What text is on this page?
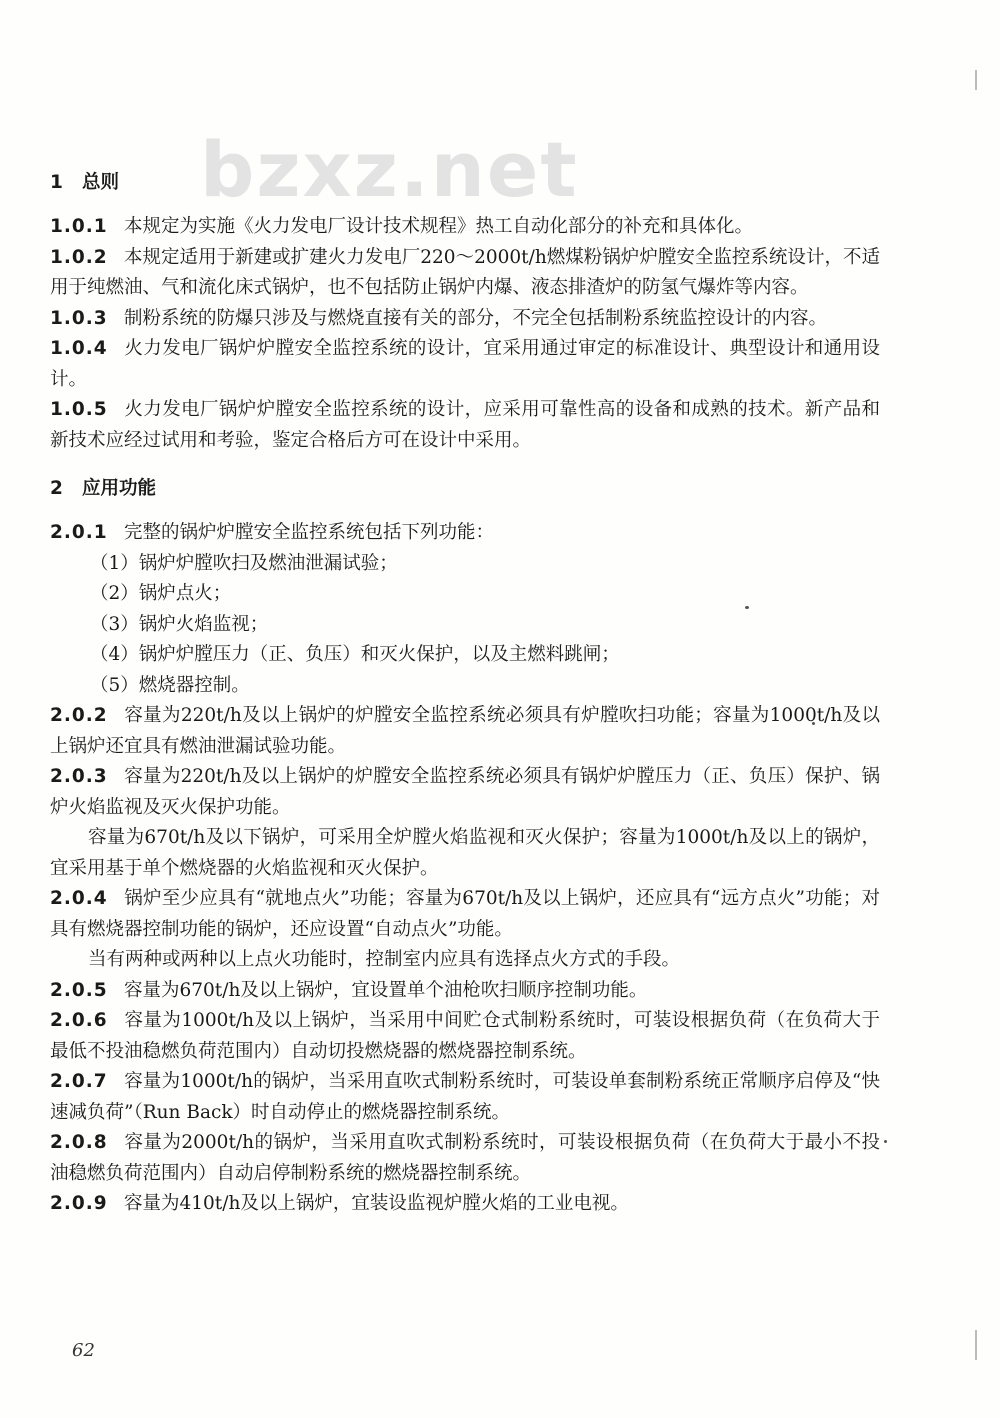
bzxz.net
1 总则

1.0.1 本规定为实施《火力发电厂设计技术规程》热工自动化部分的补充和具体化。

1.0.2 本规定适用于新建或扩建火力发电厂220～2000t/h燃煤粉锅炉炉膛安全监控系统设计，不适用于纯燃油、气和流化床式锅炉，也不包括防止锅炉内爆、液态排渣炉的防氢气爆炸等内容。

1.0.3 制粉系统的防爆只涉及与燃烧直接有关的部分，不完全包括制粉系统监控设计的内容。

1.0.4 火力发电厂锅炉炉膛安全监控系统的设计，宜采用通过审定的标准设计、典型设计和通用设计。

1.0.5 火力发电厂锅炉炉膛安全监控系统的设计，应采用可靠性高的设备和成熟的技术。新产品和新技术应经过试用和考验，鉴定合格后方可在设计中采用。

2 应用功能

2.0.1 完整的锅炉炉膛安全监控系统包括下列功能：

（1）锅炉炉膛吹扫及燃油泄漏试验；

（2）锅炉点火；

（3）锅炉火焰监视；

（4）锅炉炉膛压力（正、负压）和灭火保护，以及主燃料跳闸；

（5）燃烧器控制。

2.0.2 容量为220t/h及以上锅炉的炉膛安全监控系统必须具有炉膛吹扫功能；容量为1000t/h及以上锅炉还宜具有燃油泄漏试验功能。

2.0.3 容量为220t/h及以上锅炉的炉膛安全监控系统必须具有锅炉炉膛压力（正、负压）保护、锅炉火焰监视及灭火保护功能。

容量为670t/h及以下锅炉，可采用全炉膛火焰监视和灭火保护；容量为1000t/h及以上的锅炉，宜采用基于单个燃烧器的火焰监视和灭火保护。

2.0.4 锅炉至少应具有“就地点火”功能；容量为670t/h及以上锅炉，还应具有“远方点火”功能；对具有燃烧器控制功能的锅炉，还应设置“自动点火”功能。

当有两种或两种以上点火功能时，控制室内应具有选择点火方式的手段。

2.0.5 容量为670t/h及以上锅炉，宜设置单个油枪吹扫顺序控制功能。

2.0.6 容量为1000t/h及以上锅炉，当采用中间贮仓式制粉系统时，可装设根据负荷（在负荷大于最低不投油稳燃负荷范围内）自动切投燃烧器的燃烧器控制系统。

2.0.7 容量为1000t/h的锅炉，当采用直吹式制粉系统时，可装设单套制粉系统正常顺序启停及“快速减负荷”（Run Back）时自动停止的燃烧器控制系统。

2.0.8 容量为2000t/h的锅炉，当采用直吹式制粉系统时，可装设根据负荷（在负荷大于最小不投油稳燃负荷范围内）自动启停制粉系统的燃烧器控制系统。

2.0.9 容量为410t/h及以上锅炉，宜装设监视炉膛火焰的工业电视。

62
